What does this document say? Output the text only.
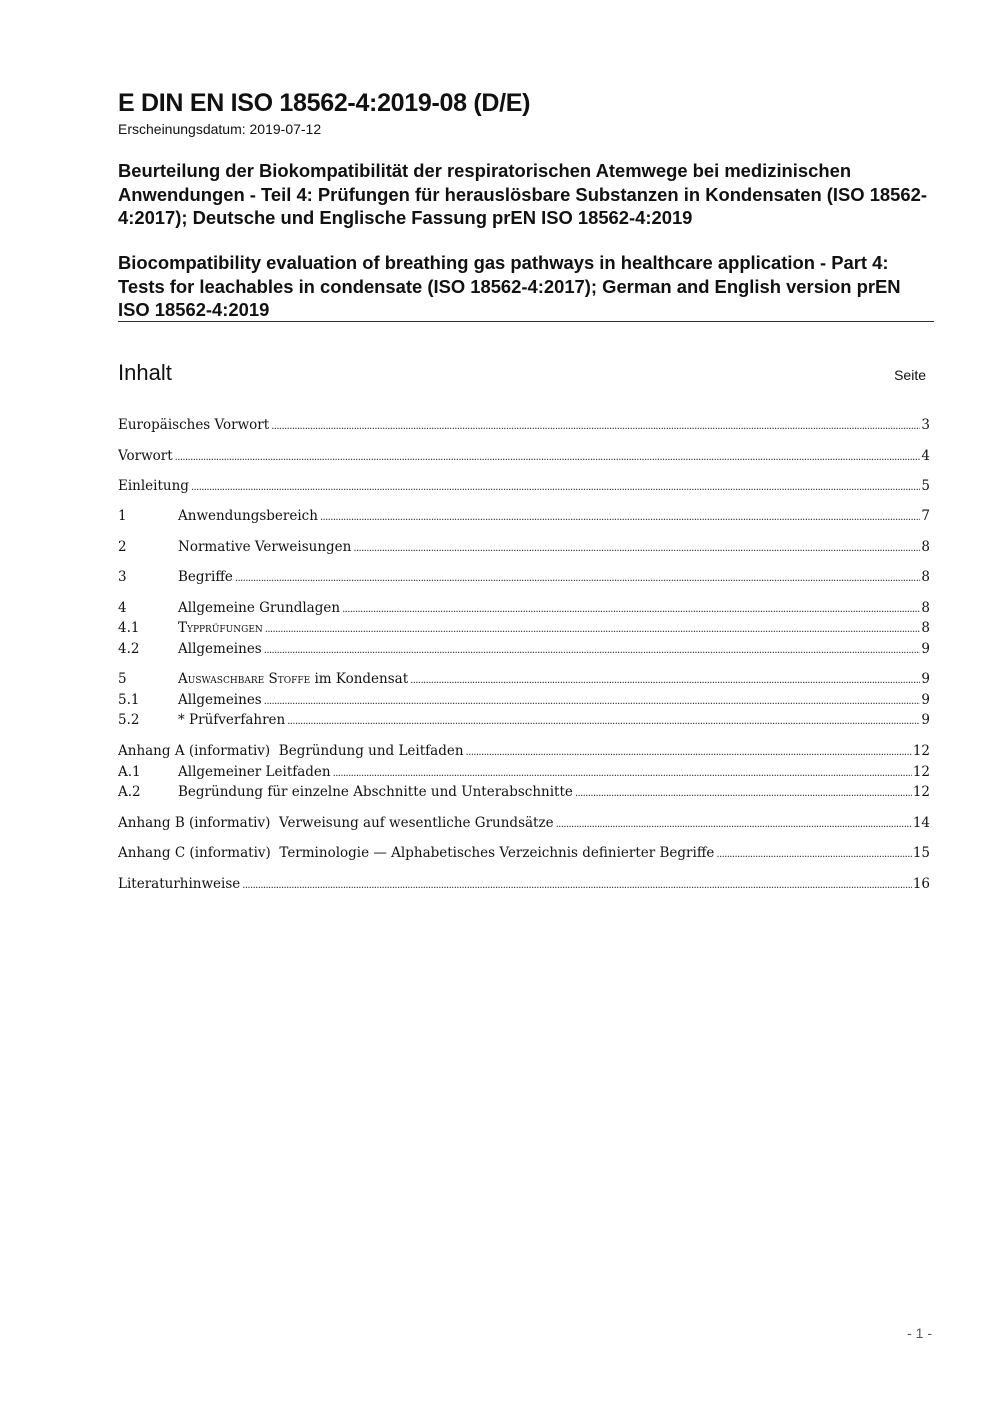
E DIN EN ISO 18562-4:2019-08 (D/E)
Erscheinungsdatum: 2019-07-12
Beurteilung der Biokompatibilität der respiratorischen Atemwege bei medizinischen Anwendungen - Teil 4: Prüfungen für herauslösbare Substanzen in Kondensaten (ISO 18562-4:2017); Deutsche und Englische Fassung prEN ISO 18562-4:2019
Biocompatibility evaluation of breathing gas pathways in healthcare application - Part 4: Tests for leachables in condensate (ISO 18562-4:2017); German and English version prEN ISO 18562-4:2019
Inhalt	Seite
Europäisches Vorwort .....	3
Vorwort .....	4
Einleitung .....	5
1	Anwendungsbereich .....	7
2	Normative Verweisungen .....	8
3	Begriffe .....	8
4	Allgemeine Grundlagen .....	8
4.1	Typprüfungen .....	8
4.2	Allgemeines .....	9
5	Auswaschbare Stoffe im Kondensat .....	9
5.1	Allgemeines .....	9
5.2	* Prüfverfahren .....	9
Anhang A (informativ)  Begründung und Leitfaden .....	12
A.1	Allgemeiner Leitfaden .....	12
A.2	Begründung für einzelne Abschnitte und Unterabschnitte .....	12
Anhang B (informativ)  Verweisung auf wesentliche Grundsätze .....	14
Anhang C (informativ)  Terminologie — Alphabetisches Verzeichnis definierter Begriffe .....	15
Literaturhinweise .....	16
- 1 -
